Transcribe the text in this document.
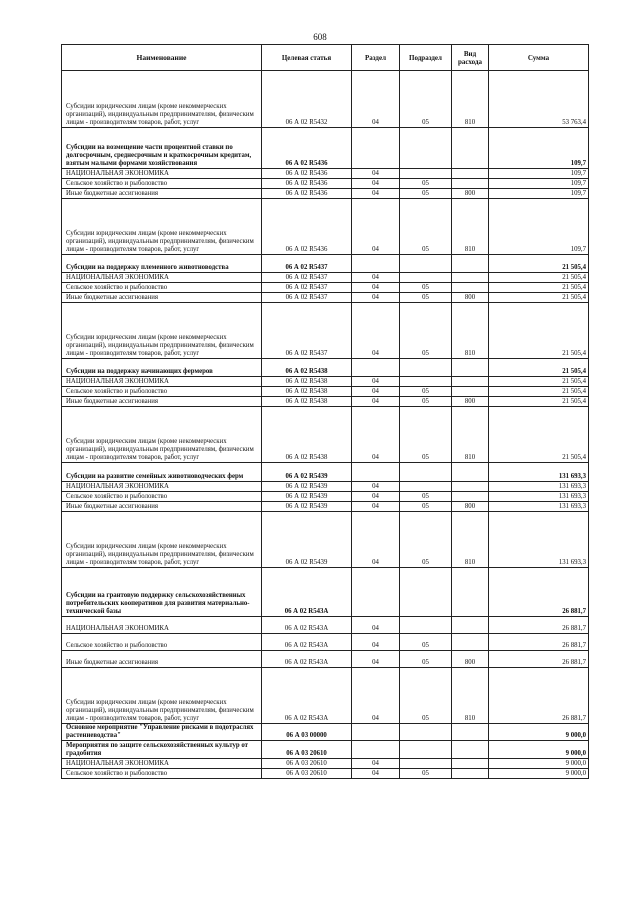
608
Наименование	Целевая статья	Раздел	Подраздел	Вид расхода	Сумма
Субсидии юридическим лицам (кроме некоммерческих организаций), индивидуальным предпринимателям, физическим лицам - производителям товаров, работ, услуг	06 А 02 R5432	04	05	810	53 763,4
Субсидии на возмещение части процентной ставки по долгосрочным, среднесрочным и краткосрочным кредитам, взятым малыми формами хозяйствования	06 А 02 R5436				109,7
НАЦИОНАЛЬНАЯ ЭКОНОМИКА	06 А 02 R5436	04			109,7
Сельское хозяйство и рыболовство	06 А 02 R5436	04	05		109,7
Иные бюджетные ассигнования	06 А 02 R5436	04	05	800	109,7
Субсидии юридическим лицам (кроме некоммерческих организаций), индивидуальным предпринимателям, физическим лицам - производителям товаров, работ, услуг	06 А 02 R5436	04	05	810	109,7
Субсидии на поддержку племенного животноводства	06 А 02 R5437				21 505,4
НАЦИОНАЛЬНАЯ ЭКОНОМИКА	06 А 02 R5437	04			21 505,4
Сельское хозяйство и рыболовство	06 А 02 R5437	04	05		21 505,4
Иные бюджетные ассигнования	06 А 02 R5437	04	05	800	21 505,4
Субсидии юридическим лицам (кроме некоммерческих организаций), индивидуальным предпринимателям, физическим лицам - производителям товаров, работ, услуг	06 А 02 R5437	04	05	810	21 505,4
Субсидии на поддержку начинающих фермеров	06 А 02 R5438				21 505,4
НАЦИОНАЛЬНАЯ ЭКОНОМИКА	06 А 02 R5438	04			21 505,4
Сельское хозяйство и рыболовство	06 А 02 R5438	04	05		21 505,4
Иные бюджетные ассигнования	06 А 02 R5438	04	05	800	21 505,4
Субсидии юридическим лицам (кроме некоммерческих организаций), индивидуальным предпринимателям, физическим лицам - производителям товаров, работ, услуг	06 А 02 R5438	04	05	810	21 505,4
Субсидии на развитие семейных животноводческих ферм	06 А 02 R5439				131 693,3
НАЦИОНАЛЬНАЯ ЭКОНОМИКА	06 А 02 R5439	04			131 693,3
Сельское хозяйство и рыболовство	06 А 02 R5439	04	05		131 693,3
Иные бюджетные ассигнования	06 А 02 R5439	04	05	800	131 693,3
Субсидии юридическим лицам (кроме некоммерческих организаций), индивидуальным предпринимателям, физическим лицам - производителям товаров, работ, услуг	06 А 02 R5439	04	05	810	131 693,3
Субсидии на грантовую поддержку сельскохозяйственных потребительских кооперативов для развития материально-технической базы	06 А 02 R543А				26 881,7
НАЦИОНАЛЬНАЯ ЭКОНОМИКА	06 А 02 R543А	04			26 881,7
Сельское хозяйство и рыболовство	06 А 02 R543А	04	05		26 881,7
Иные бюджетные ассигнования	06 А 02 R543А	04	05	800	26 881,7
Субсидии юридическим лицам (кроме некоммерческих организаций), индивидуальным предпринимателям, физическим лицам - производителям товаров, работ, услуг	06 А 02 R543А	04	05	810	26 881,7
Основное мероприятие "Управление рисками в подотраслях растениеводства"	06 А 03 00000				9 000,0
Мероприятия по защите сельскохозяйственных культур от градобития	06 А 03 20610				9 000,0
НАЦИОНАЛЬНАЯ ЭКОНОМИКА	06 А 03 20610	04			9 000,0
Сельское хозяйство и рыболовство	06 А 03 20610	04	05		9 000,0
